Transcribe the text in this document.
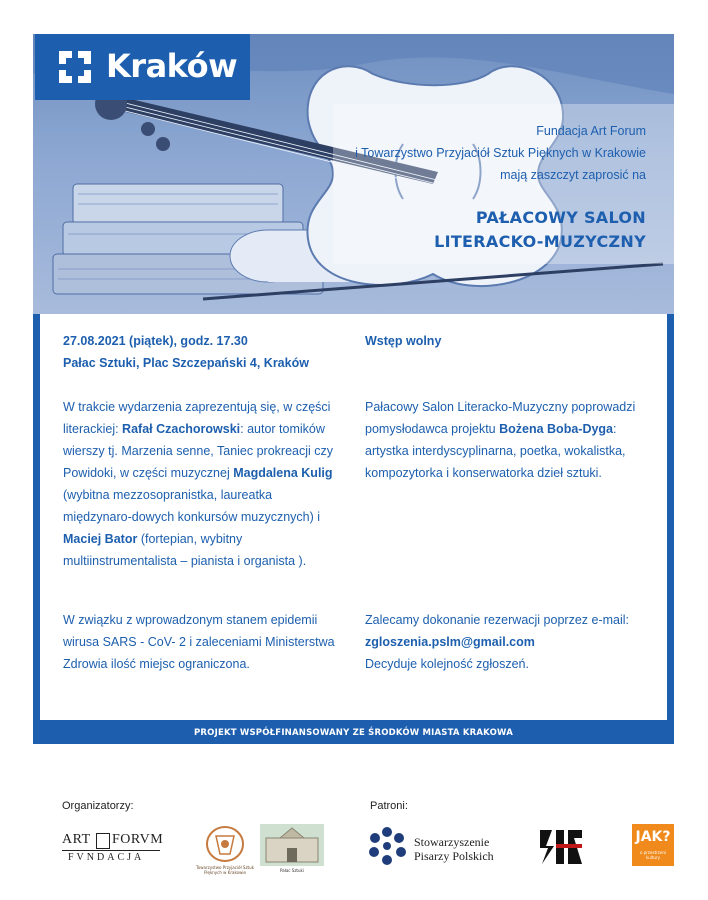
Kraków
Fundacja Art Forum
i Towarzystwo Przyjaciół Sztuk Pięknych w Krakowie
mają zaszczyt zaprosić na
PAŁACOWY SALON
LITERACKO-MUZYCZNY
27.08.2021 (piątek), godz. 17.30
Pałac Sztuki, Plac Szczepański 4, Kraków
Wstęp wolny
W trakcie wydarzenia zaprezentują się, w części literackiej: Rafał Czachorowski: autor tomików wierszy tj. Marzenia senne, Taniec prokreacji czy Powidoki, w części muzycznej Magdalena Kulig (wybitna mezzosopranistka, laureatka międzynaro-dowych konkursów muzycznych) i Maciej Bator (fortepian, wybitny multiinstrumentalista – pianista i organista ).
Pałacowy Salon Literacko-Muzyczny poprowadzi pomysłodawca projektu Bożena Boba-Dyga: artystka interdyscyplinarna, poetka, wokalistka, kompozytorka i konserwatorka dzieł sztuki.
W związku z wprowadzonym stanem epidemii wirusa SARS - CoV- 2 i zaleceniami Ministerstwa Zdrowia ilość miejsc ograniczona.
Zalecamy dokonanie rezerwacji poprzez e-mail:
zgloszenia.pslm@gmail.com
Decyduje kolejność zgłoszeń.
PROJEKT WSPÓŁFINANSOWANY ZE ŚRODKÓW MIASTA KRAKOWA
Organizatorzy:	Patroni:
ART FORVM
FVNDACJA
Towarzystwo Przyjaciół Sztuk Pięknych w Krakowie	Pałac Sztuki
Stowarzyszenie
Pisarzy Polskich
JAK?
o przestrzeni kultury
